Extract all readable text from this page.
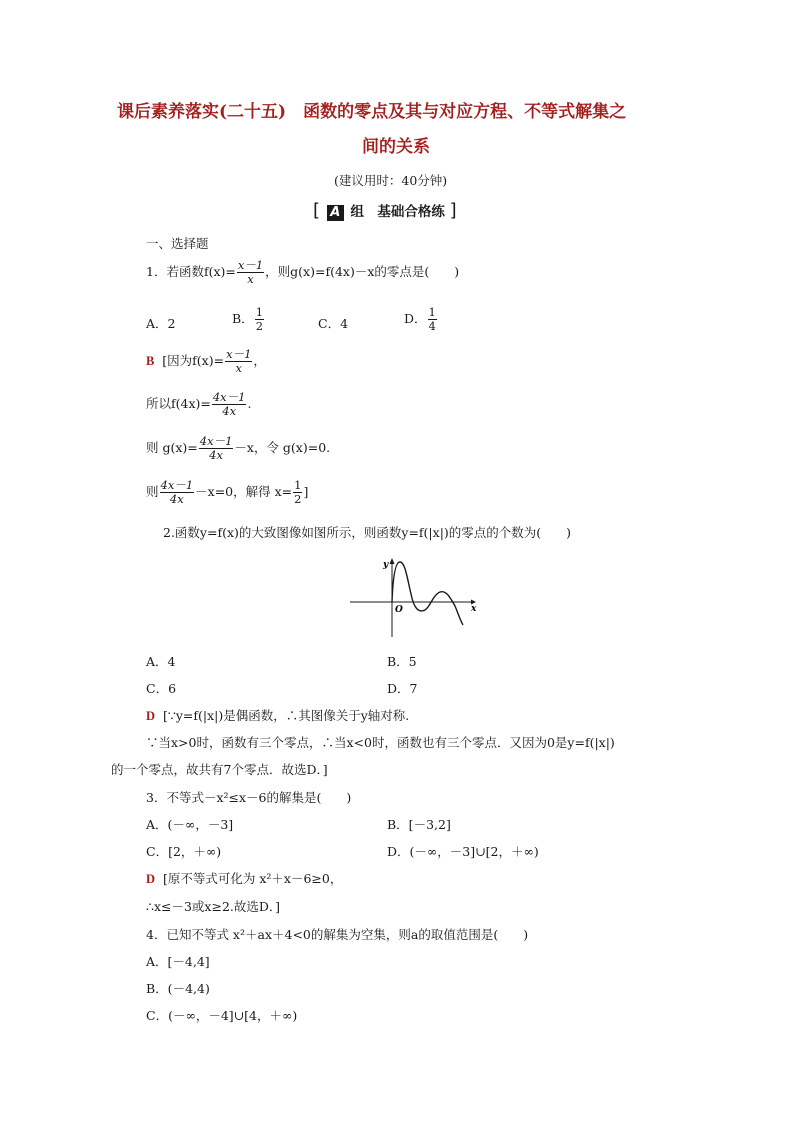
课后素养落实(二十五)　函数的零点及其与对应方程、不等式解集之
间的关系
(建议用时：40分钟)
[ A 组　基础合格练 ]
一、选择题
1．若函数$f(x)= \frac{x-1}{x}$ ，则g(x)=f(4x)－x的零点是(　　)
A．2	B． $\frac{1}{2}$	C．4	D． $\frac{1}{4}$
B [因为$f(x)= \frac{x-1}{x}$ ，
所以$f(4x)= \frac{4x-1}{4x}$ .
则 $g(x)= \frac{4x-1}{4x} -x$，令 g(x)=0.
则 $\frac{4x-1}{4x} -x=0$，解得 $x= \frac{1}{2}$ ]
2.函数y=f(x)的大致图像如图所示，则函数y=f(|x|)的零点的个数为(　　)
y
x
O
A．4	B．5
C．6	D．7
D [∵y=f(|x|)是偶函数，∴其图像关于y轴对称.
∵当x>0时，函数有三个零点，∴当x<0时，函数也有三个零点．又因为0是y=f(|x|)
的一个零点，故共有7个零点．故选D．]
3．不等式－x²≤x－6的解集是(　　)
A．(－∞，－3]	B．[－3,2]
C．[2，＋∞)	D．(－∞，－3]∪[2，＋∞)
D [原不等式可化为 x²＋x－6≥0，
∴x≤－3或x≥2.故选D．]
4．已知不等式 x²＋ax＋4<0的解集为空集，则a的取值范围是(　　)
A．[－4,4]
B．(－4,4)
C．(－∞，－4]∪[4，＋∞)
